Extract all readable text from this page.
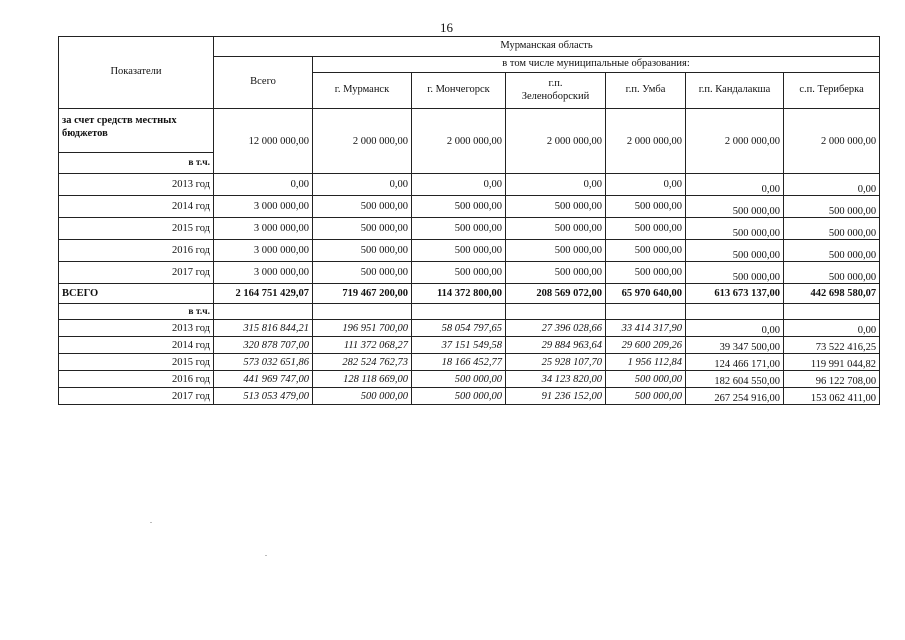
16
Показатели	Мурманская область						
	Всего	в том числе муниципальные образования:					
		г. Мурманск	г. Мончегорск	г.п. Зеленоборский	г.п. Умба	г.п. Кандалакша	с.п. Териберка
за счет средств местных бюджетов	12 000 000,00	2 000 000,00	2 000 000,00	2 000 000,00	2 000 000,00	2 000 000,00	2 000 000,00
в т.ч.							
2013 год	0,00	0,00	0,00	0,00	0,00	0,00	0,00
2014 год	3 000 000,00	500 000,00	500 000,00	500 000,00	500 000,00	500 000,00	500 000,00
2015 год	3 000 000,00	500 000,00	500 000,00	500 000,00	500 000,00	500 000,00	500 000,00
2016 год	3 000 000,00	500 000,00	500 000,00	500 000,00	500 000,00	500 000,00	500 000,00
2017 год	3 000 000,00	500 000,00	500 000,00	500 000,00	500 000,00	500 000,00	500 000,00
ВСЕГО	2 164 751 429,07	719 467 200,00	114 372 800,00	208 569 072,00	65 970 640,00	613 673 137,00	442 698 580,07
в т.ч.							
2013 год	315 816 844,21	196 951 700,00	58 054 797,65	27 396 028,66	33 414 317,90	0,00	0,00
2014 год	320 878 707,00	111 372 068,27	37 151 549,58	29 884 963,64	29 600 209,26	39 347 500,00	73 522 416,25
2015 год	573 032 651,86	282 524 762,73	18 166 452,77	25 928 107,70	1 956 112,84	124 466 171,00	119 991 044,82
2016 год	441 969 747,00	128 118 669,00	500 000,00	34 123 820,00	500 000,00	182 604 550,00	96 122 708,00
2017 год	513 053 479,00	500 000,00	500 000,00	91 236 152,00	500 000,00	267 254 916,00	153 062 411,00
